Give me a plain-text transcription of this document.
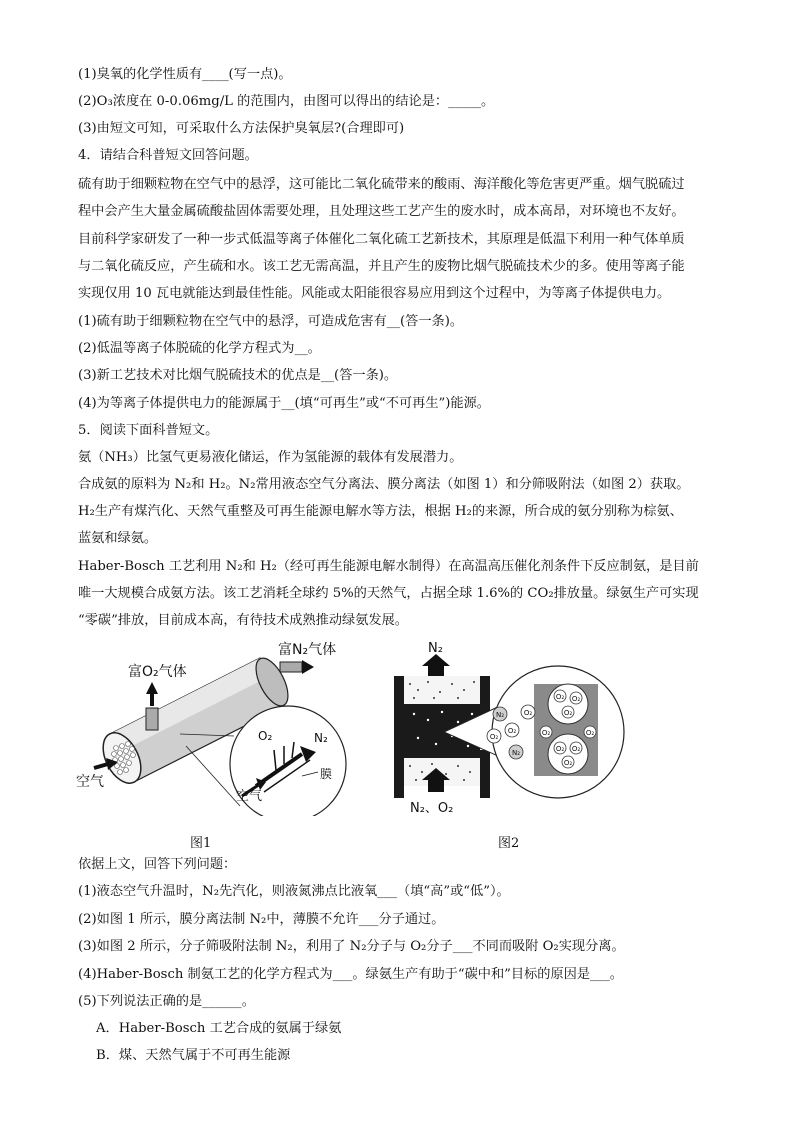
(1)臭氧的化学性质有____(写一点)。
(2)O₃浓度在 0-0.06mg/L 的范围内，由图可以得出的结论是：_____。
(3)由短文可知，可采取什么方法保护臭氧层?(合理即可)
4．请结合科普短文回答问题。
硫有助于细颗粒物在空气中的悬浮，这可能比二氧化硫带来的酸雨、海洋酸化等危害更严重。烟气脱硫过
程中会产生大量金属硫酸盐固体需要处理，且处理这些工艺产生的废水时，成本高昂，对环境也不友好。
目前科学家研发了一种一步式低温等离子体催化二氧化硫工艺新技术，其原理是低温下利用一种气体单质
与二氧化硫反应，产生硫和水。该工艺无需高温，并且产生的废物比烟气脱硫技术少的多。使用等离子能
实现仅用 10 瓦电就能达到最佳性能。风能或太阳能很容易应用到这个过程中，为等离子体提供电力。
(1)硫有助于细颗粒物在空气中的悬浮，可造成危害有__(答一条)。
(2)低温等离子体脱硫的化学方程式为__。
(3)新工艺技术对比烟气脱硫技术的优点是__(答一条)。
(4)为等离子体提供电力的能源属于__(填“可再生”或“不可再生”)能源。
5．阅读下面科普短文。
氨（NH₃）比氢气更易液化储运，作为氢能源的载体有发展潜力。
合成氨的原料为 N₂和 H₂。N₂常用液态空气分离法、膜分离法（如图 1）和分筛吸附法（如图 2）获取。
H₂生产有煤汽化、天然气重整及可再生能源电解水等方法，根据 H₂的来源，所合成的氨分别称为棕氨、
蓝氨和绿氨。
Haber-Bosch 工艺利用 N₂和 H₂（经可再生能源电解水制得）在高温高压催化剂条件下反应制氨，是目前
唯一大规模合成氨方法。该工艺消耗全球约 5%的天然气，占据全球 1.6%的 CO₂排放量。绿氨生产可实现
“零碳”排放，目前成本高，有待技术成熟推动绿氨发展。
富O₂气体
富N₂气体
空气
空气
O₂	N₂
膜
N₂
O₂
O₂
N₂
O₂
O₂ O₂
O₂
O₂ O₂
O₂
O₂	O₂
N₂
N₂、O₂
图1	图2
依据上文，回答下列问题：
(1)液态空气升温时，N₂先汽化，则液氮沸点比液氧___（填“高”或“低”）。
(2)如图 1 所示，膜分离法制 N₂中，薄膜不允许___分子通过。
(3)如图 2 所示，分子筛吸附法制 N₂，利用了 N₂分子与 O₂分子___不同而吸附 O₂实现分离。
(4)Haber-Bosch 制氨工艺的化学方程式为___。绿氨生产有助于“碳中和”目标的原因是___。
(5)下列说法正确的是______。
A．Haber-Bosch 工艺合成的氨属于绿氨
B．煤、天然气属于不可再生能源
